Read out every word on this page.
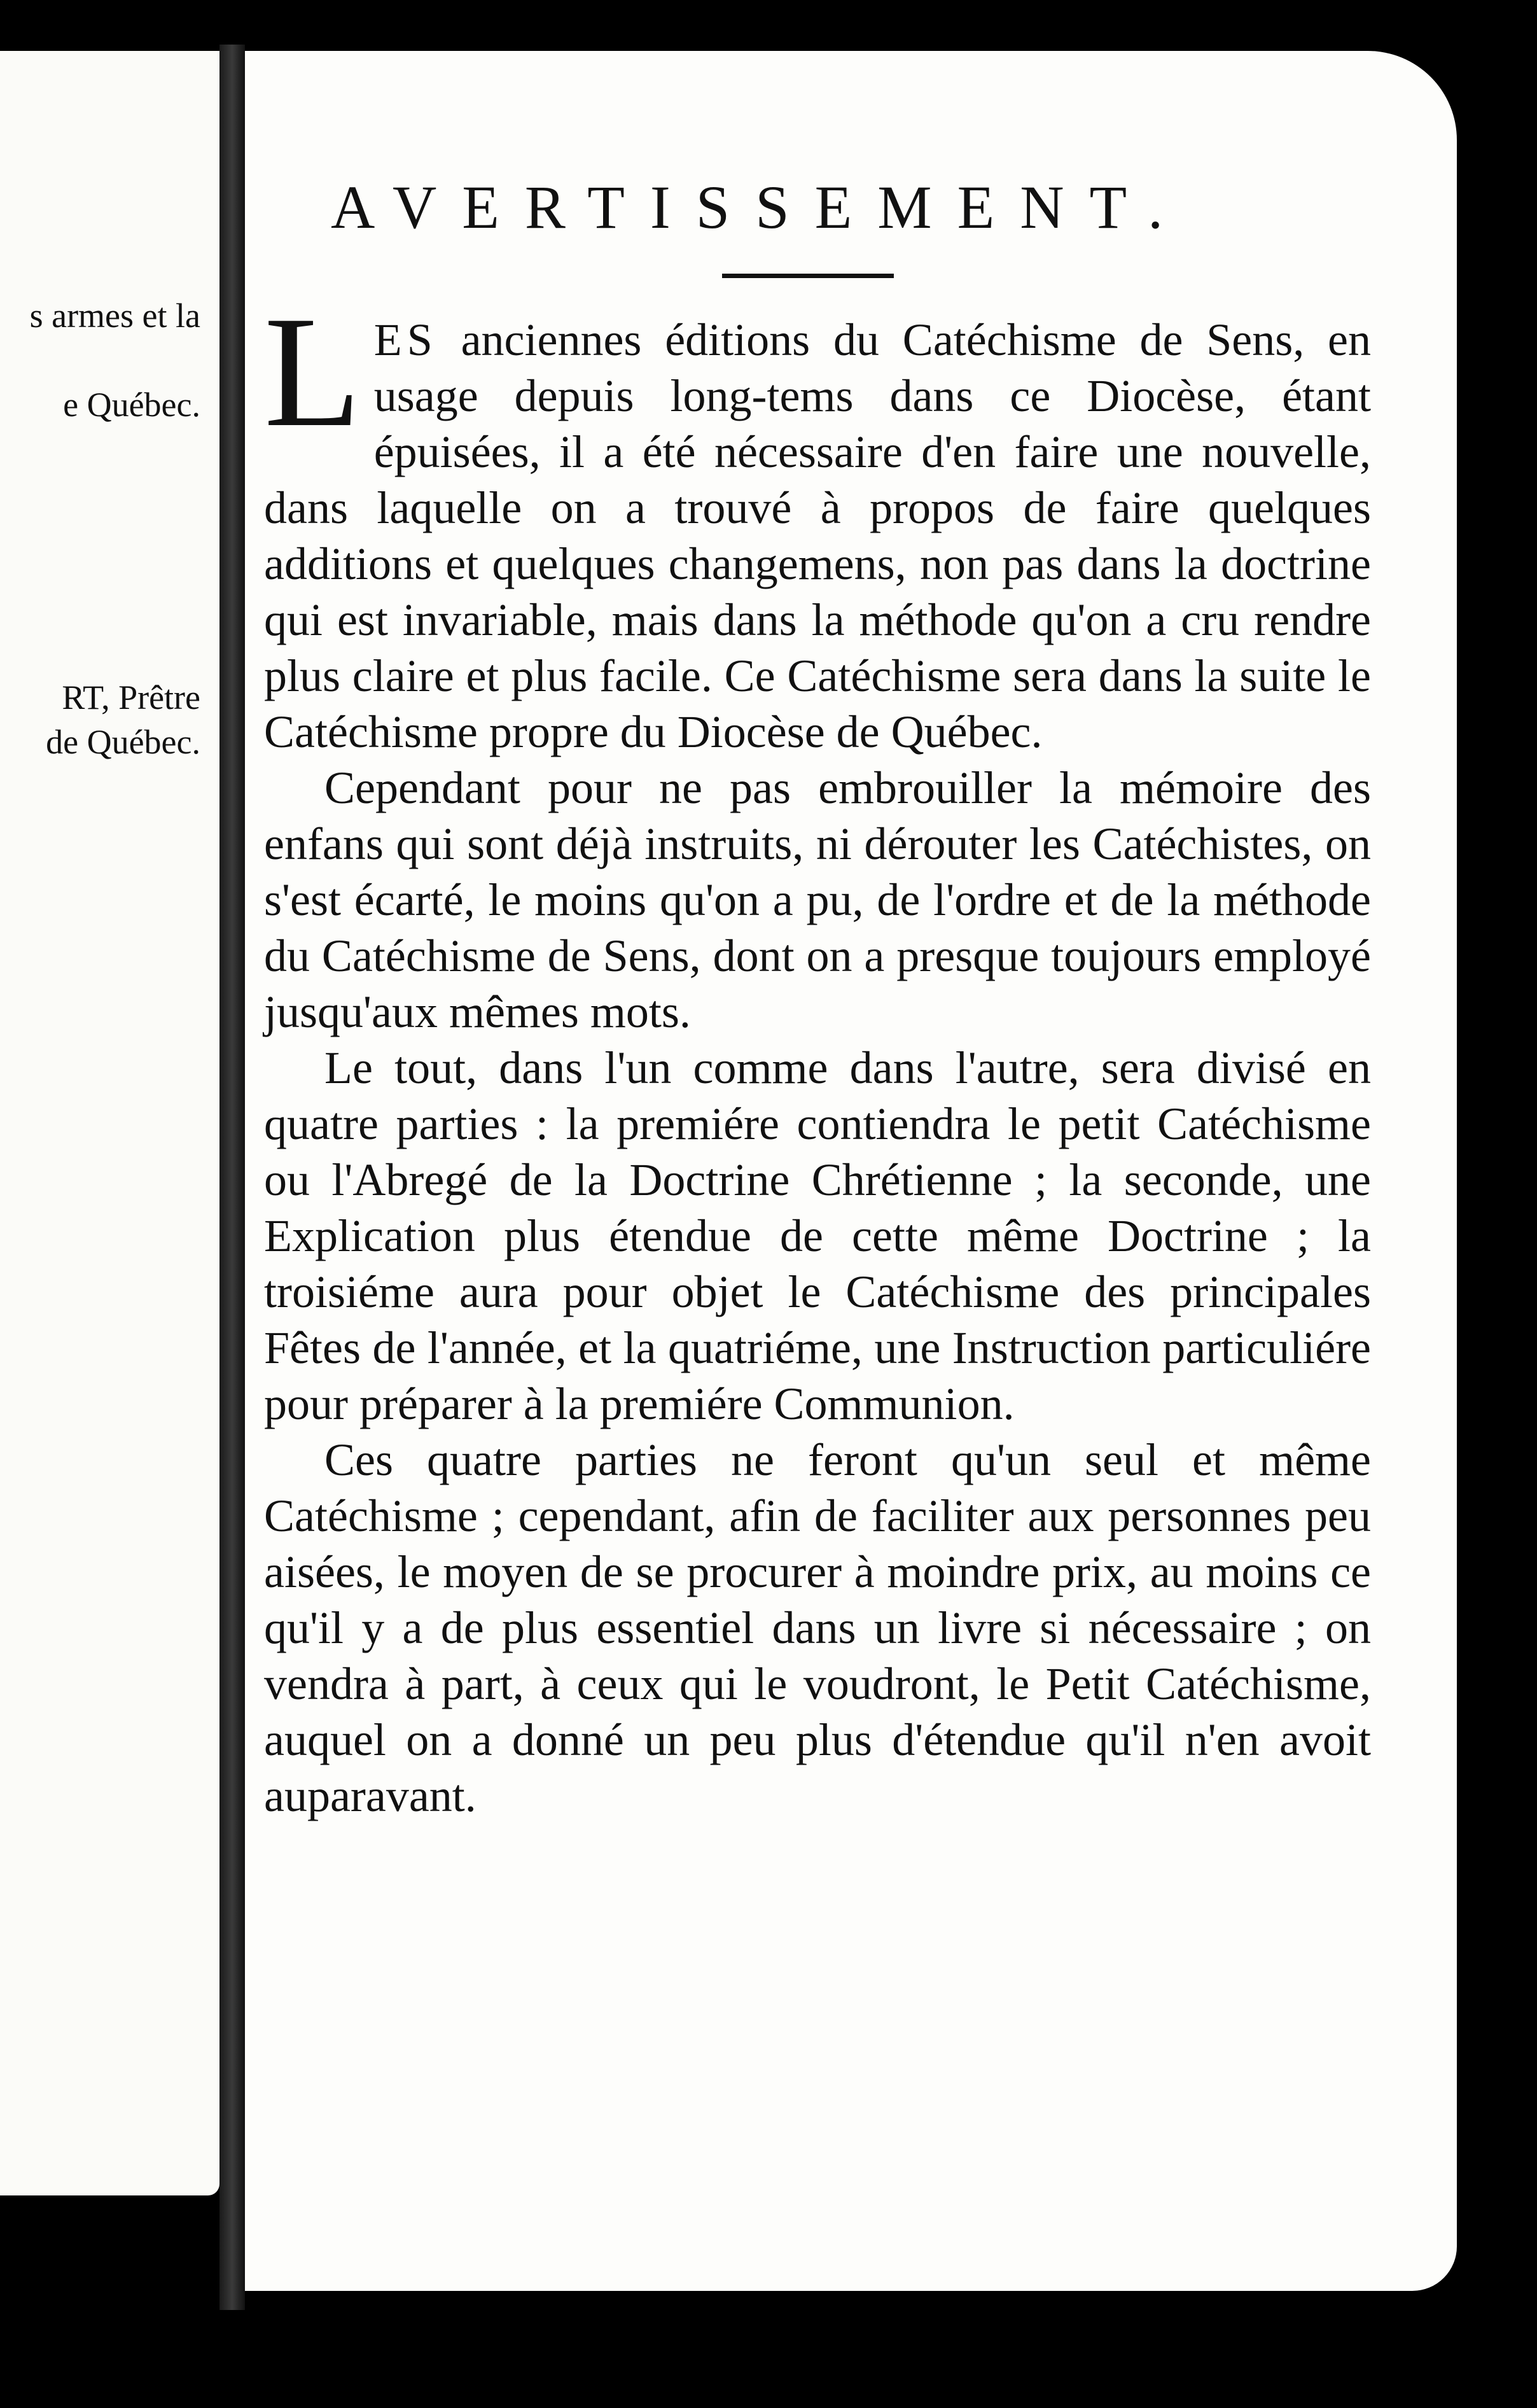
s armes et la
e Québec.
RT, Prêtre
de Québec.
AVERTISSEMENT.

LES anciennes éditions du Catéchisme de Sens, en usage depuis long-tems dans ce Diocèse, étant épuisées, il a été nécessaire d'en faire une nouvelle, dans laquelle on a trouvé à propos de faire quelques additions et quelques changemens, non pas dans la doctrine qui est invariable, mais dans la méthode qu'on a cru rendre plus claire et plus facile. Ce Catéchisme sera dans la suite le Catéchisme propre du Diocèse de Québec.

Cependant pour ne pas embrouiller la mémoire des enfans qui sont déjà instruits, ni dérouter les Catéchistes, on s'est écarté, le moins qu'on a pu, de l'ordre et de la méthode du Catéchisme de Sens, dont on a presque toujours employé jusqu'aux mêmes mots.

Le tout, dans l'un comme dans l'autre, sera divisé en quatre parties : la premiére contiendra le petit Catéchisme ou l'Abregé de la Doctrine Chrétienne ; la seconde, une Explication plus étendue de cette même Doctrine ; la troisiéme aura pour objet le Catéchisme des principales Fêtes de l'année, et la quatriéme, une Instruction particuliére pour préparer à la premiére Communion.

Ces quatre parties ne feront qu'un seul et même Catéchisme ; cependant, afin de faciliter aux personnes peu aisées, le moyen de se procurer à moindre prix, au moins ce qu'il y a de plus essentiel dans un livre si nécessaire ; on vendra à part, à ceux qui le voudront, le Petit Catéchisme, auquel on a donné un peu plus d'étendue qu'il n'en avoit auparavant.
